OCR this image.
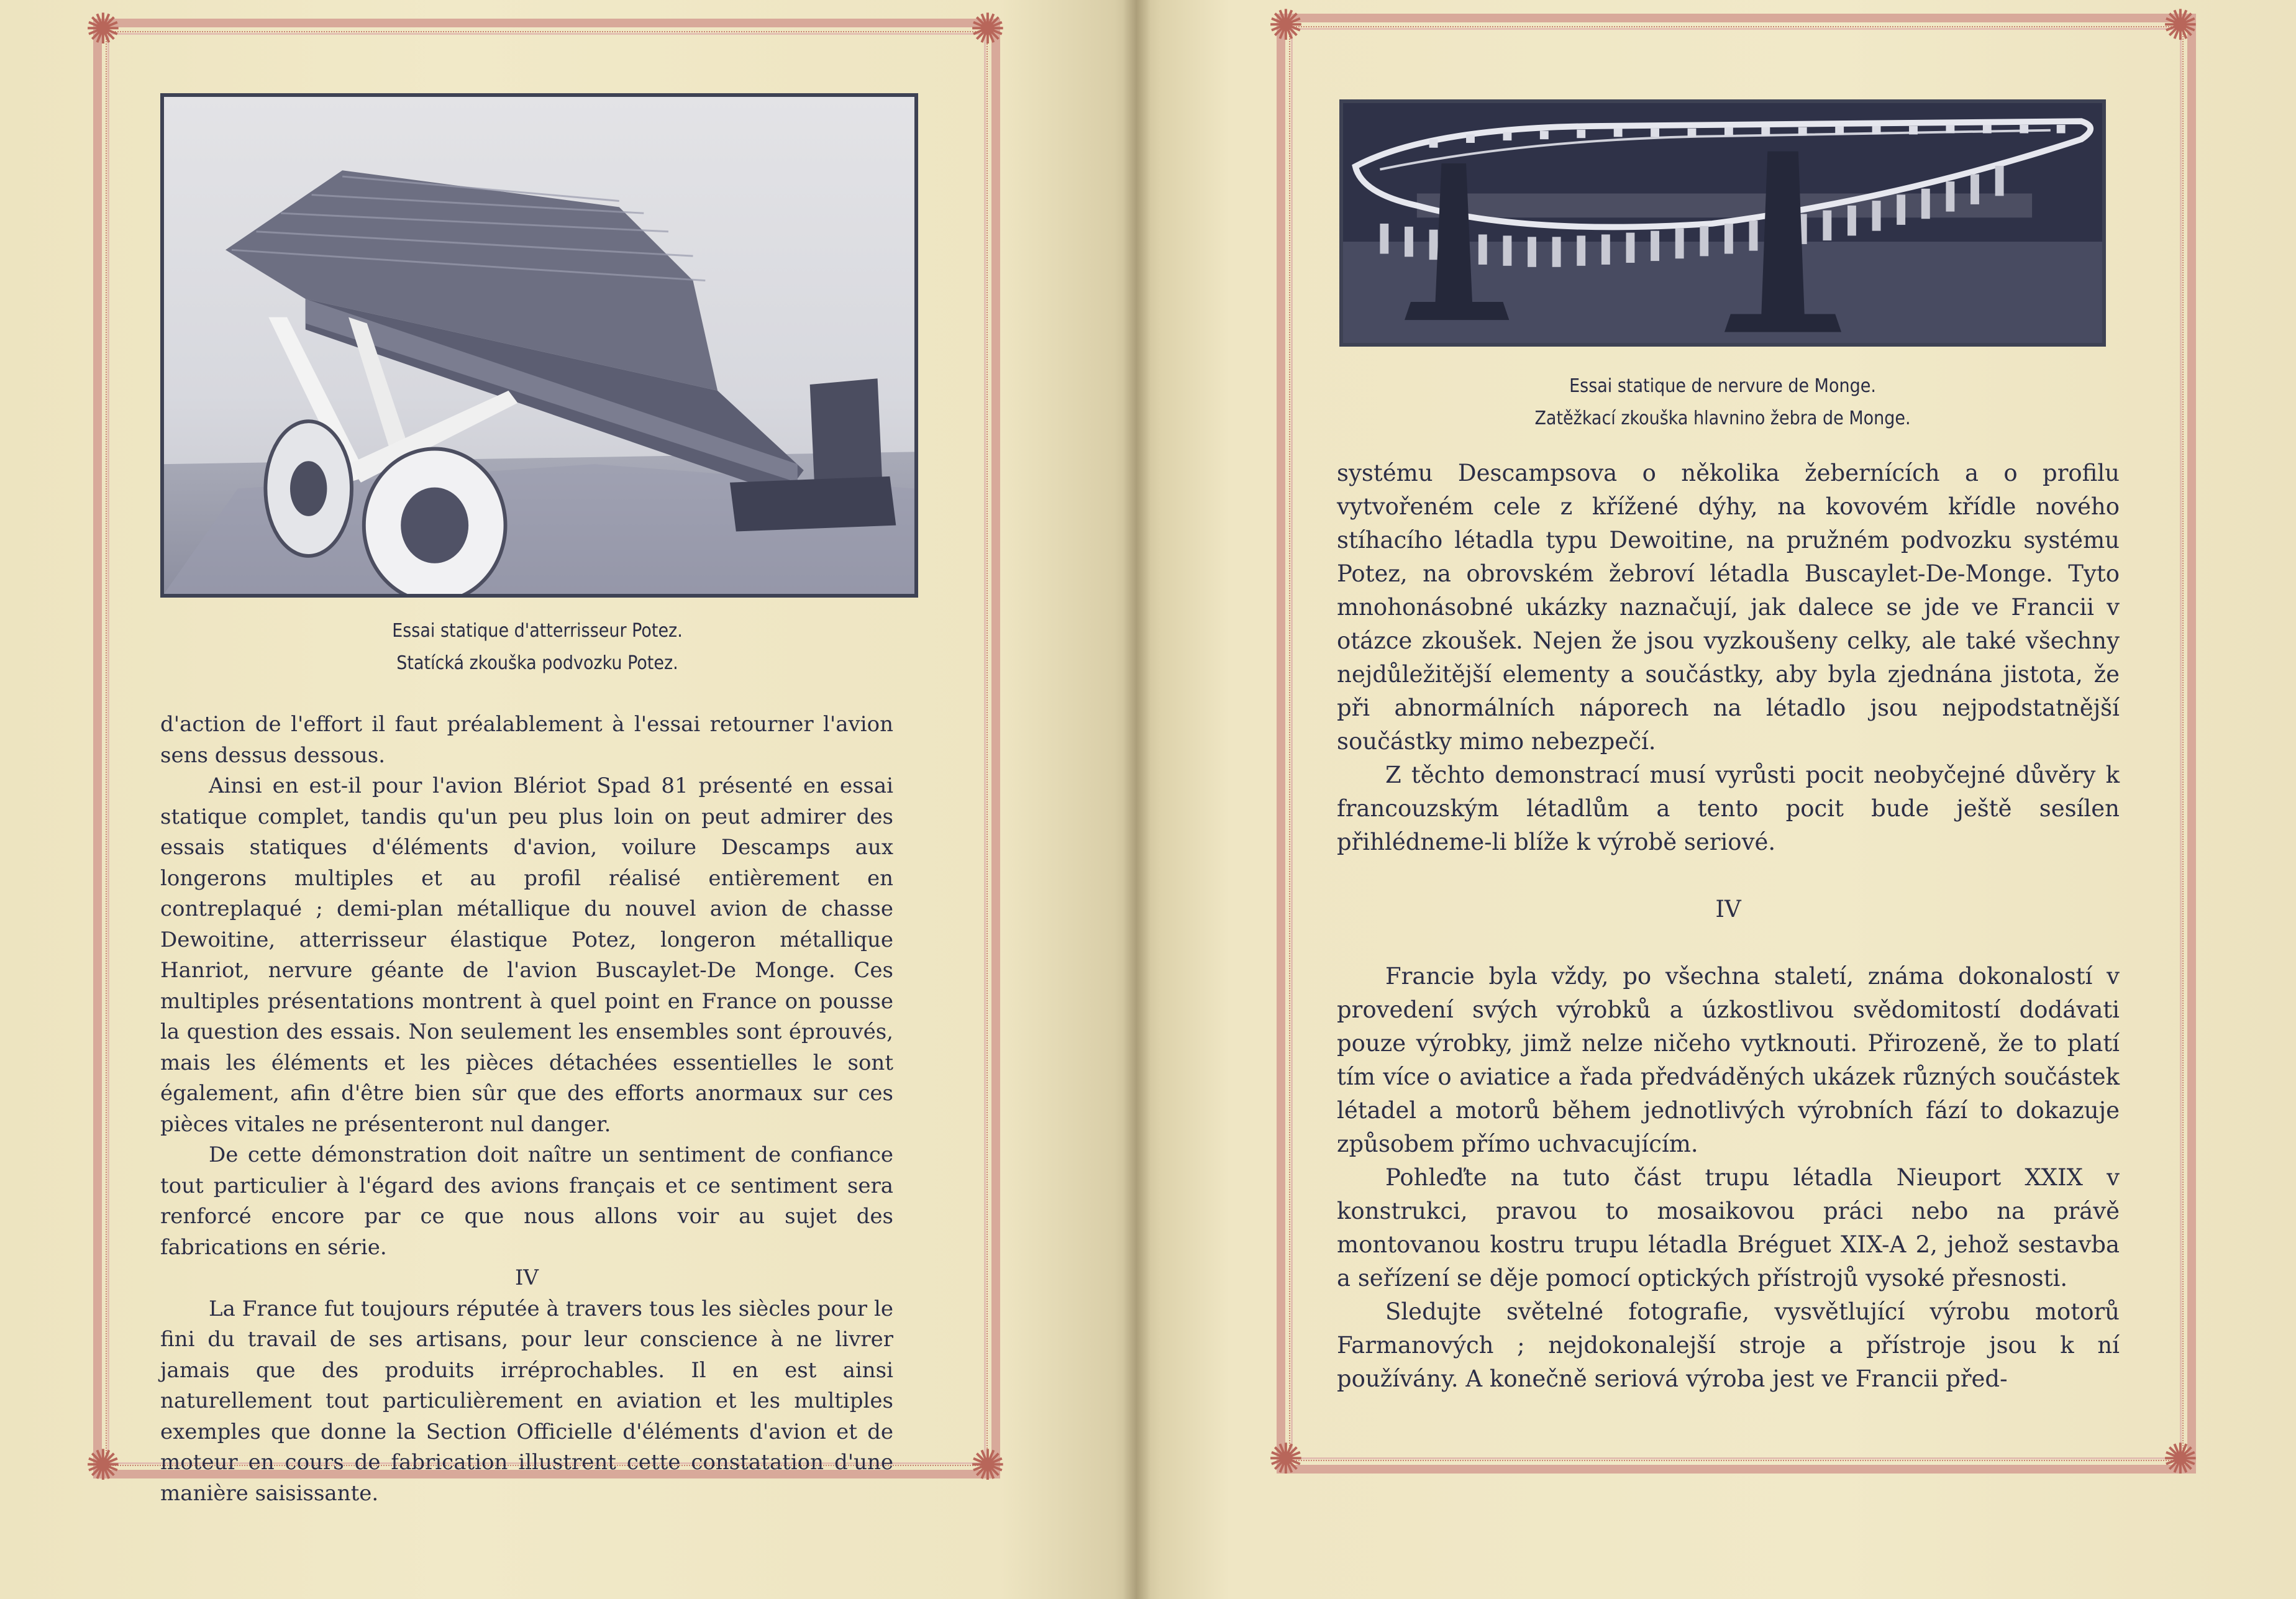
✺	✺
✺	✺
Essai statique d'atterrisseur Potez.
Statícká zkouška podvozku Potez.

d'action de l'effort il faut préalablement à l'essai retourner l'avion sens dessus dessous.

Ainsi en est-il pour l'avion Blériot Spad 81 présenté en essai statique complet, tandis qu'un peu plus loin on peut admirer des essais statiques d'éléments d'avion, voilure Descamps aux longerons multiples et au profil réalisé entièrement en contreplaqué ; demi-plan métallique du nouvel avion de chasse Dewoitine, atterrisseur élastique Potez, longeron métallique Hanriot, nervure géante de l'avion Buscaylet-De Monge. Ces multiples présentations montrent à quel point en France on pousse la question des essais. Non seulement les ensembles sont éprouvés, mais les éléments et les pièces détachées essentielles le sont également, afin d'être bien sûr que des efforts anormaux sur ces pièces vitales ne présenteront nul danger.

De cette démonstration doit naître un sentiment de confiance tout particulier à l'égard des avions français et ce sentiment sera renforcé encore par ce que nous allons voir au sujet des fabrications en série.

IV

La France fut toujours réputée à travers tous les siècles pour le fini du travail de ses artisans, pour leur conscience à ne livrer jamais que des produits irréprochables. Il en est ainsi naturellement tout particulièrement en aviation et les multiples exemples que donne la Section Officielle d'éléments d'avion et de moteur en cours de fabrication illustrent cette constatation d'une manière saisissante.

✺	✺
✺	✺
Essai statique de nervure de Monge.
Zatěžkací zkouška hlavnino žebra de Monge.

systému Descampsova o několika žebernících a o profilu vytvořeném cele z křížené dýhy, na kovovém křídle nového stíhacího létadla typu Dewoitine, na pružném podvozku systému Potez, na obrovském žebroví létadla Buscaylet-De-Monge. Tyto mnohonásobné ukázky naznačují, jak dalece se jde ve Francii v otázce zkoušek. Nejen že jsou vyzkoušeny celky, ale také všechny nejdůležitější elementy a součástky, aby byla zjednána jistota, že při abnormálních náporech na létadlo jsou nejpodstatnější součástky mimo nebezpečí.

Z těchto demonstrací musí vyrůsti pocit neobyčejné důvěry k francouzským létadlům a tento pocit bude ještě sesílen přihlédneme-li blíže k výrobě seriové.

IV

Francie byla vždy, po všechna staletí, známa dokonalostí v provedení svých výrobků a úzkostlivou svědomitostí dodávati pouze výrobky, jimž nelze ničeho vytknouti. Přirozeně, že to platí tím více o aviatice a řada předváděných ukázek různých součástek létadel a motorů během jednotlivých výrobních fází to dokazuje způsobem přímo uchvacujícím.

Pohleďte na tuto část trupu létadla Nieuport XXIX v konstrukci, pravou to mosaikovou práci nebo na právě montovanou kostru trupu létadla Bréguet XIX-A 2, jehož sestavba a seřízení se děje pomocí optických přístrojů vysoké přesnosti.

Sledujte světelné fotografie, vysvětlující výrobu motorů Farmanových ; nejdokonalejší stroje a přístroje jsou k ní používány. A konečně seriová výroba jest ve Francii před-
